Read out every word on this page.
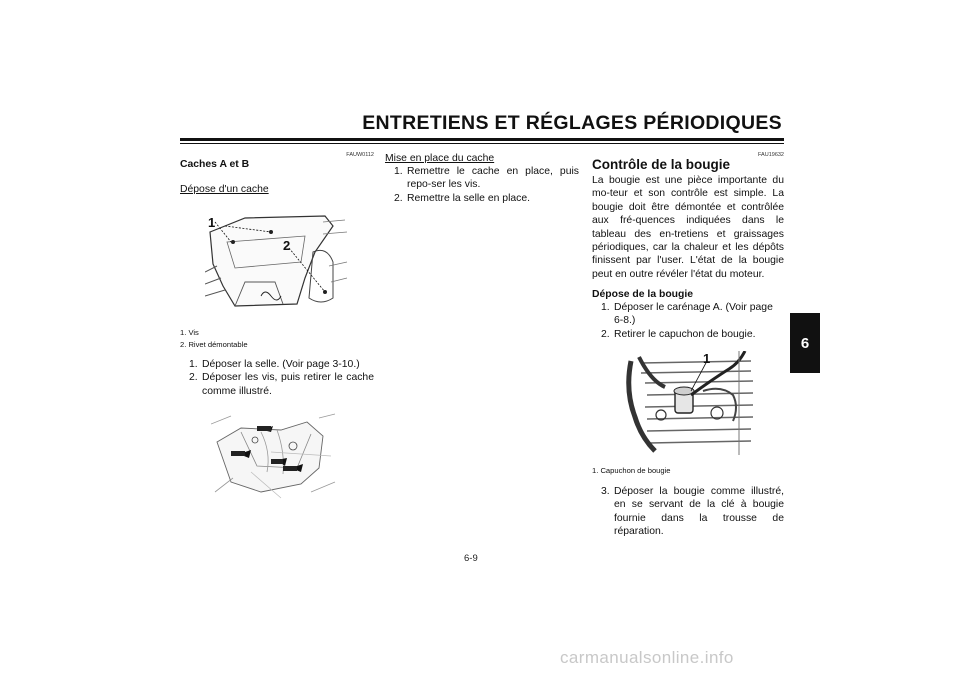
ENTRETIENS ET RÉGLAGES PÉRIODIQUES
6
FAUW0112
Caches A et B
Dépose d'un cache
1
2
1. Vis
2. Rivet démontable
1. Déposer la selle. (Voir page 3-10.)
2. Déposer les vis, puis retirer le cache comme illustré.
Mise en place du cache
1. Remettre le cache en place, puis repo-ser les vis.
2. Remettre la selle en place.
FAU19632
Contrôle de la bougie
La bougie est une pièce importante du mo-teur et son contrôle est simple. La bougie doit être démontée et contrôlée aux fré-quences indiquées dans le tableau des en-tretiens et graissages périodiques, car la chaleur et les dépôts finissent par l'user. L'état de la bougie peut en outre révéler l'état du moteur.
Dépose de la bougie
1. Déposer le carénage A. (Voir page 6-8.)
2. Retirer le capuchon de bougie.
1
1. Capuchon de bougie
3. Déposer la bougie comme illustré, en se servant de la clé à bougie fournie dans la trousse de réparation.
6-9
carmanualsonline.info
